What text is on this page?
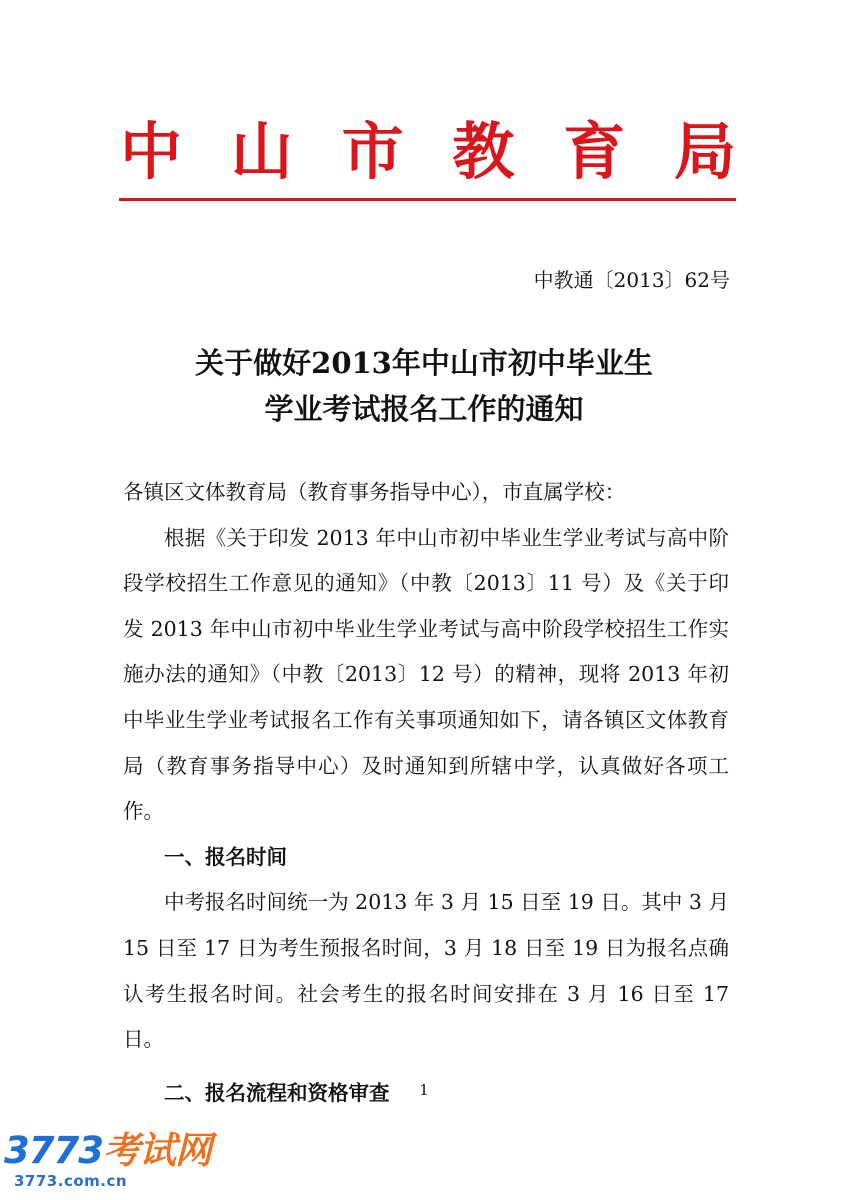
中 山 市 教 育 局
中教通〔2013〕62号
关于做好2013年中山市初中毕业生
学业考试报名工作的通知

各镇区文体教育局（教育事务指导中心），市直属学校：

根据《关于印发 2013 年中山市初中毕业生学业考试与高中阶段学校招生工作意见的通知》（中教〔2013〕11 号）及《关于印发 2013 年中山市初中毕业生学业考试与高中阶段学校招生工作实施办法的通知》（中教〔2013〕12 号）的精神，现将 2013 年初中毕业生学业考试报名工作有关事项通知如下，请各镇区文体教育局（教育事务指导中心）及时通知到所辖中学，认真做好各项工作。

一、报名时间

中考报名时间统一为 2013 年 3 月 15 日至 19 日。其中 3 月 15 日至 17 日为考生预报名时间，3 月 18 日至 19 日为报名点确认考生报名时间。社会考生的报名时间安排在 3 月 16 日至 17 日。

二、报名流程和资格审查	1
3773考试网
3773.com.cn
